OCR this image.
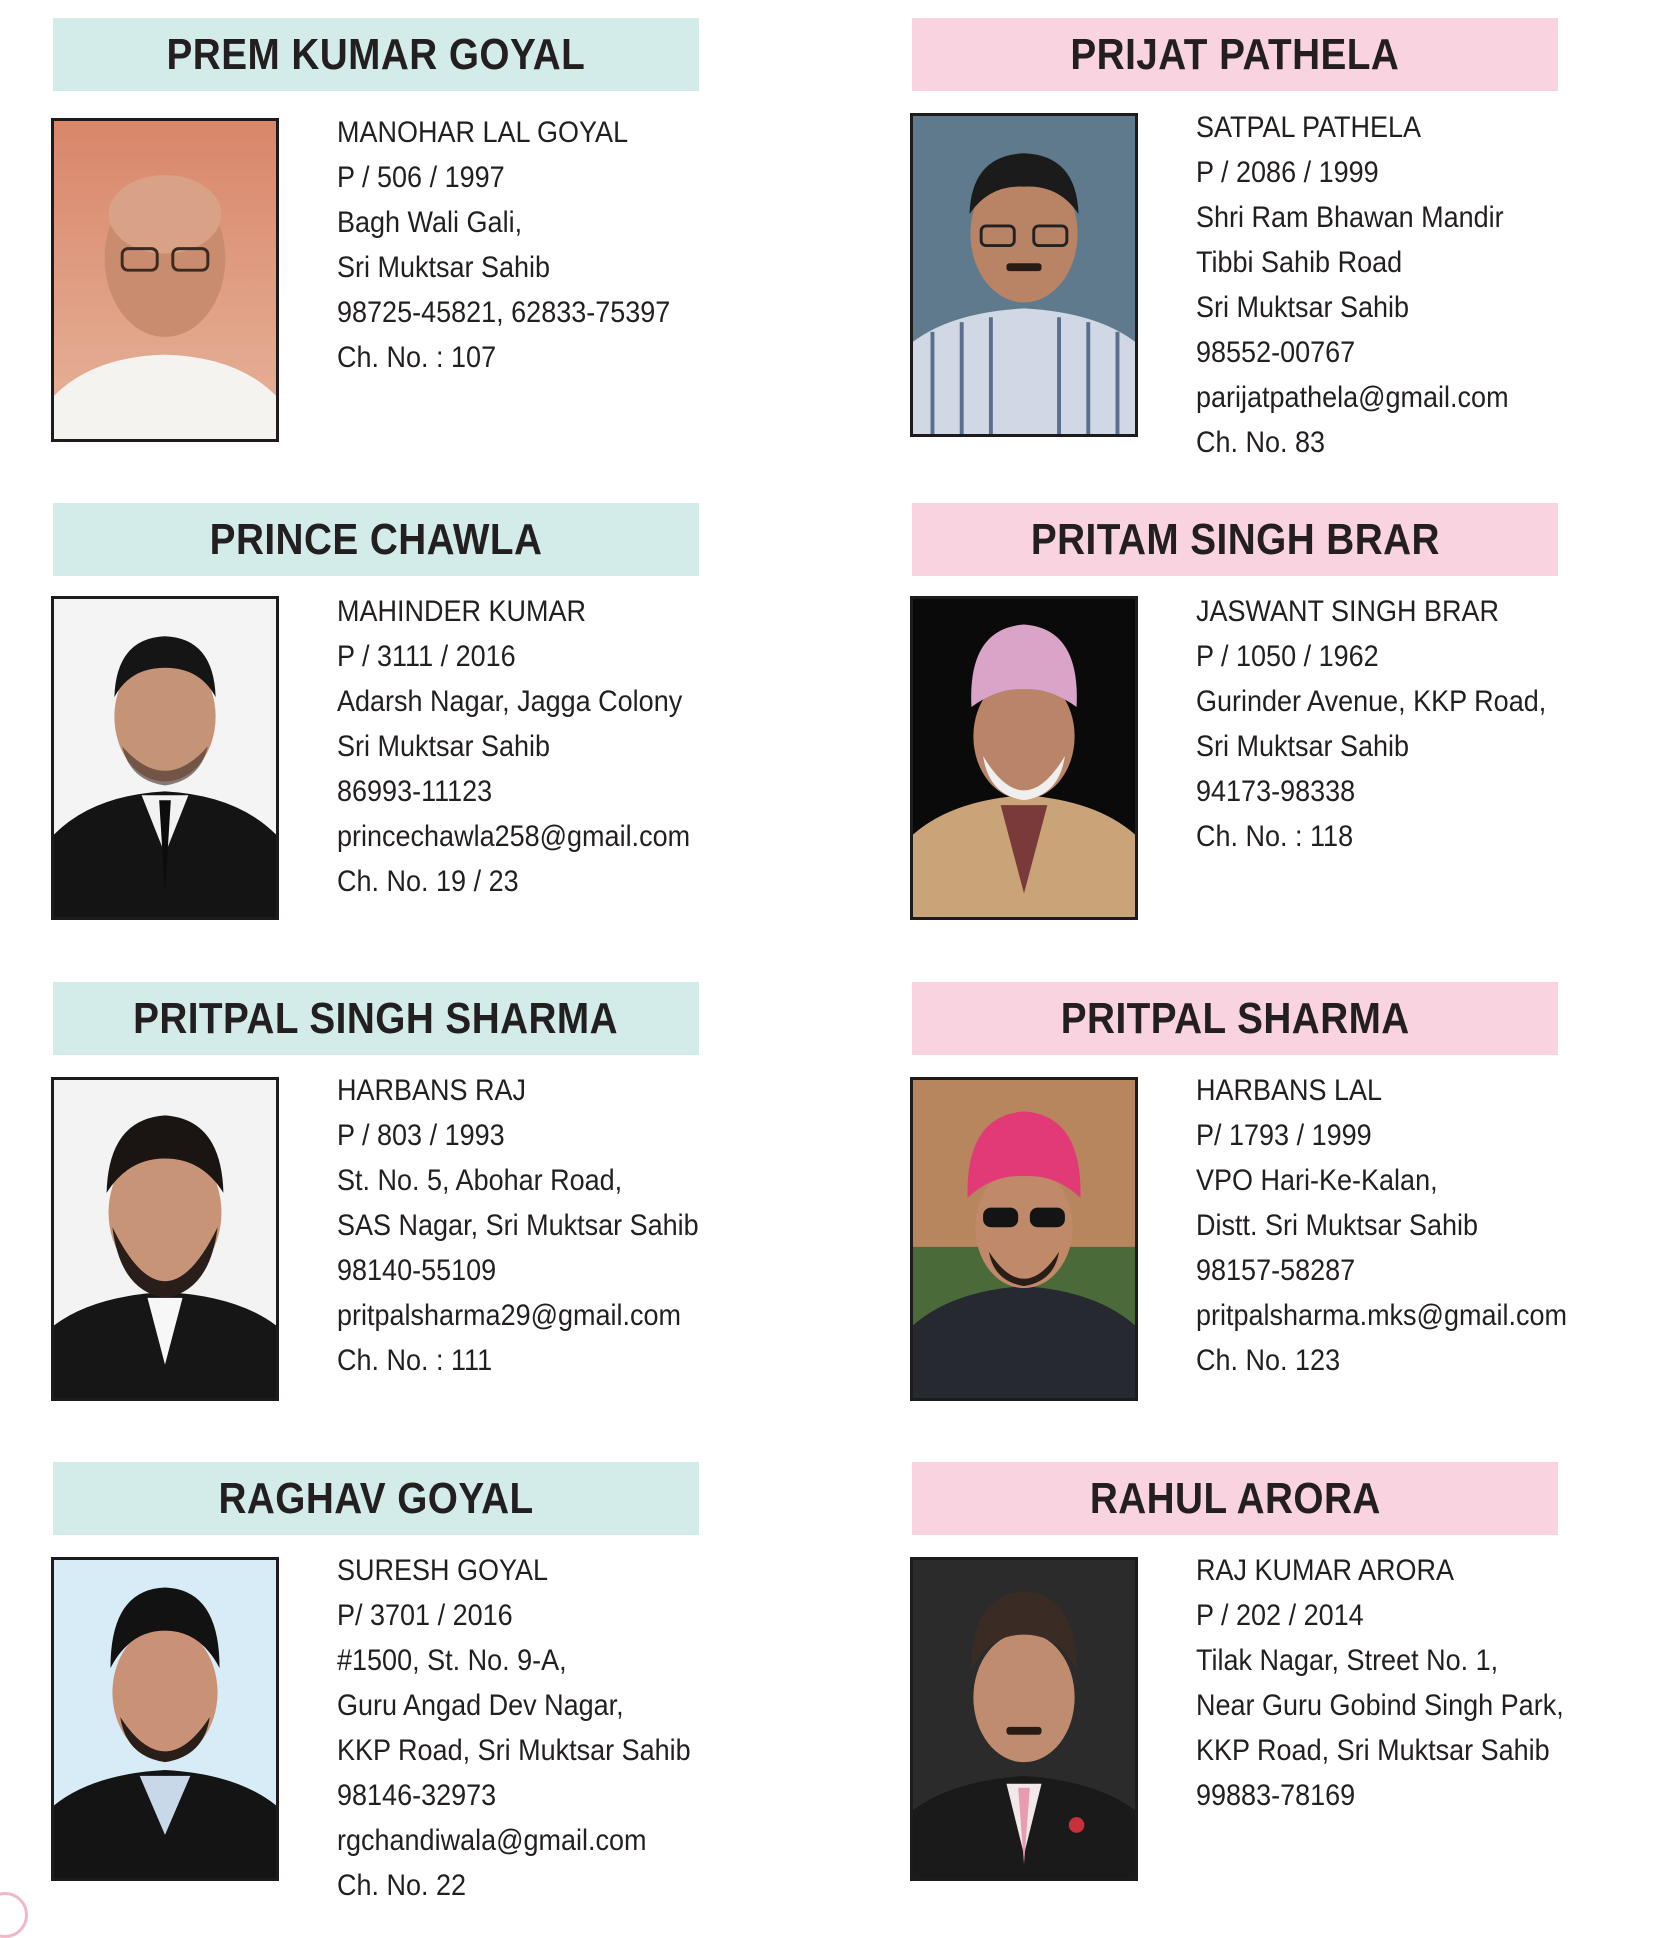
PREM KUMAR GOYAL
MANOHAR LAL GOYAL
P / 506 / 1997
Bagh Wali Gali,
Sri Muktsar Sahib
98725-45821, 62833-75397
Ch. No. : 107
PRIJAT PATHELA
SATPAL PATHELA
P / 2086 / 1999
Shri Ram Bhawan Mandir
Tibbi Sahib Road
Sri Muktsar Sahib
98552-00767
parijatpathela@gmail.com
Ch. No. 83
PRINCE CHAWLA
MAHINDER KUMAR
P / 3111 / 2016
Adarsh Nagar, Jagga Colony
Sri Muktsar Sahib
86993-11123
princechawla258@gmail.com
Ch. No. 19 / 23
PRITAM SINGH BRAR
JASWANT SINGH BRAR
P / 1050 / 1962
Gurinder Avenue, KKP Road,
Sri Muktsar Sahib
94173-98338
Ch. No. : 118
PRITPAL SINGH SHARMA
HARBANS RAJ
P / 803 / 1993
St. No. 5, Abohar Road,
SAS Nagar, Sri Muktsar Sahib
98140-55109
pritpalsharma29@gmail.com
Ch. No. : 111
PRITPAL SHARMA
HARBANS LAL
P/ 1793 / 1999
VPO Hari-Ke-Kalan,
Distt. Sri Muktsar Sahib
98157-58287
pritpalsharma.mks@gmail.com
Ch. No. 123
RAGHAV GOYAL
SURESH GOYAL
P/ 3701 / 2016
#1500, St. No. 9-A,
Guru Angad Dev Nagar,
KKP Road, Sri Muktsar Sahib
98146-32973
rgchandiwala@gmail.com
Ch. No. 22
RAHUL ARORA
RAJ KUMAR ARORA
P / 202 / 2014
Tilak Nagar, Street No. 1,
Near Guru Gobind Singh Park,
KKP Road, Sri Muktsar Sahib
99883-78169
